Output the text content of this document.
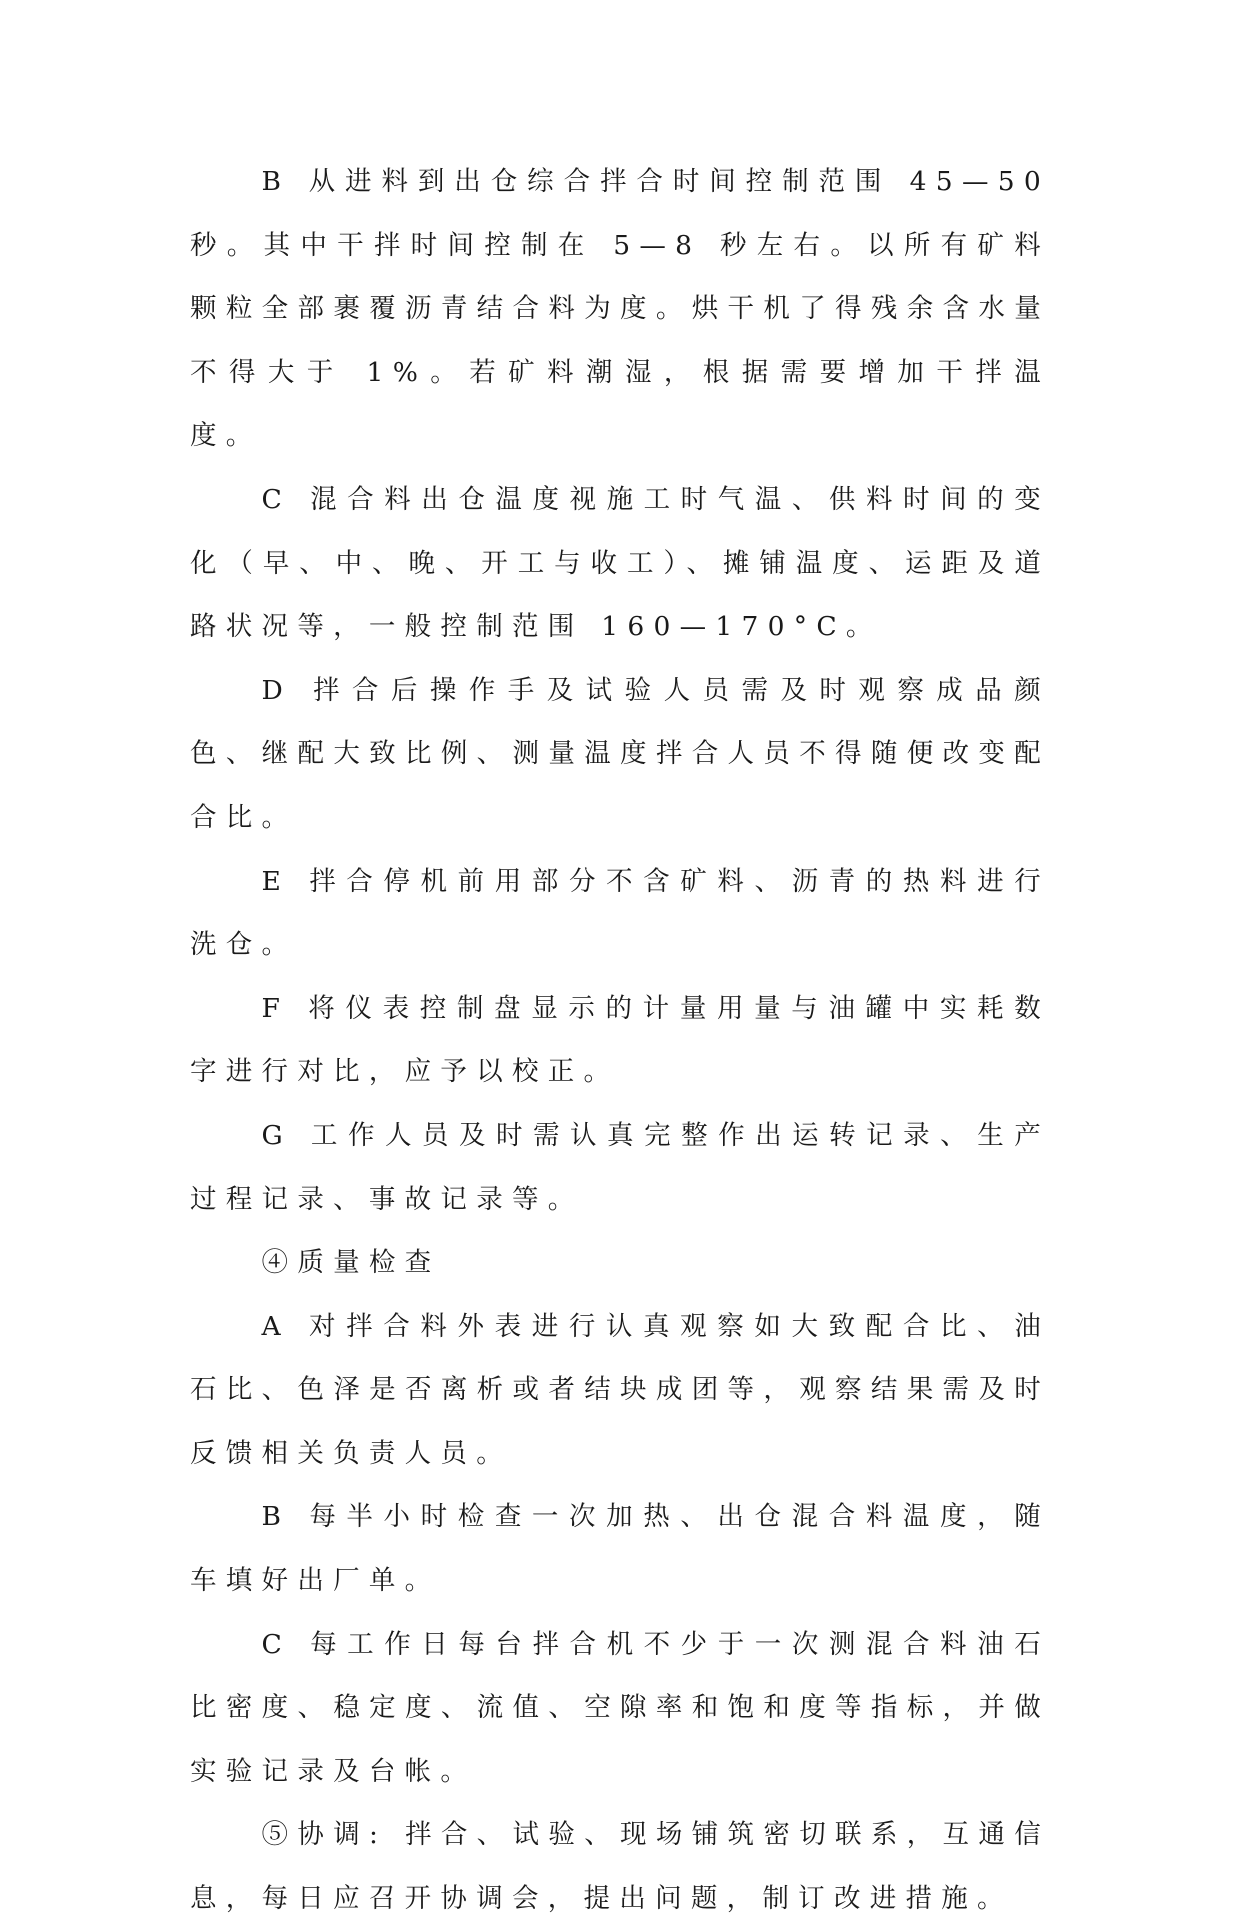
B 从进料到出仓综合拌合时间控制范围 45—50 秒。其中干拌时间控制在 5—8 秒左右。以所有矿料颗粒全部裹覆沥青结合料为度。烘干机了得残余含水量不得大于 1%。若矿料潮湿，根据需要增加干拌温度。

C 混合料出仓温度视施工时气温、供料时间的变化（早、中、晚、开工与收工）、摊铺温度、运距及道路状况等，一般控制范围 160—170°C。

D 拌合后操作手及试验人员需及时观察成品颜色、继配大致比例、测量温度拌合人员不得随便改变配合比。

E 拌合停机前用部分不含矿料、沥青的热料进行洗仓。

F 将仪表控制盘显示的计量用量与油罐中实耗数字进行对比，应予以校正。

G 工作人员及时需认真完整作出运转记录、生产过程记录、事故记录等。

④质量检查

A 对拌合料外表进行认真观察如大致配合比、油石比、色泽是否离析或者结块成团等，观察结果需及时反馈相关负责人员。

B 每半小时检查一次加热、出仓混合料温度，随车填好出厂单。

C 每工作日每台拌合机不少于一次测混合料油石比密度、稳定度、流值、空隙率和饱和度等指标，并做实验记录及台帐。

⑤协调: 拌合、试验、现场铺筑密切联系，互通信息，每日应召开协调会，提出问题，制订改进措施。
